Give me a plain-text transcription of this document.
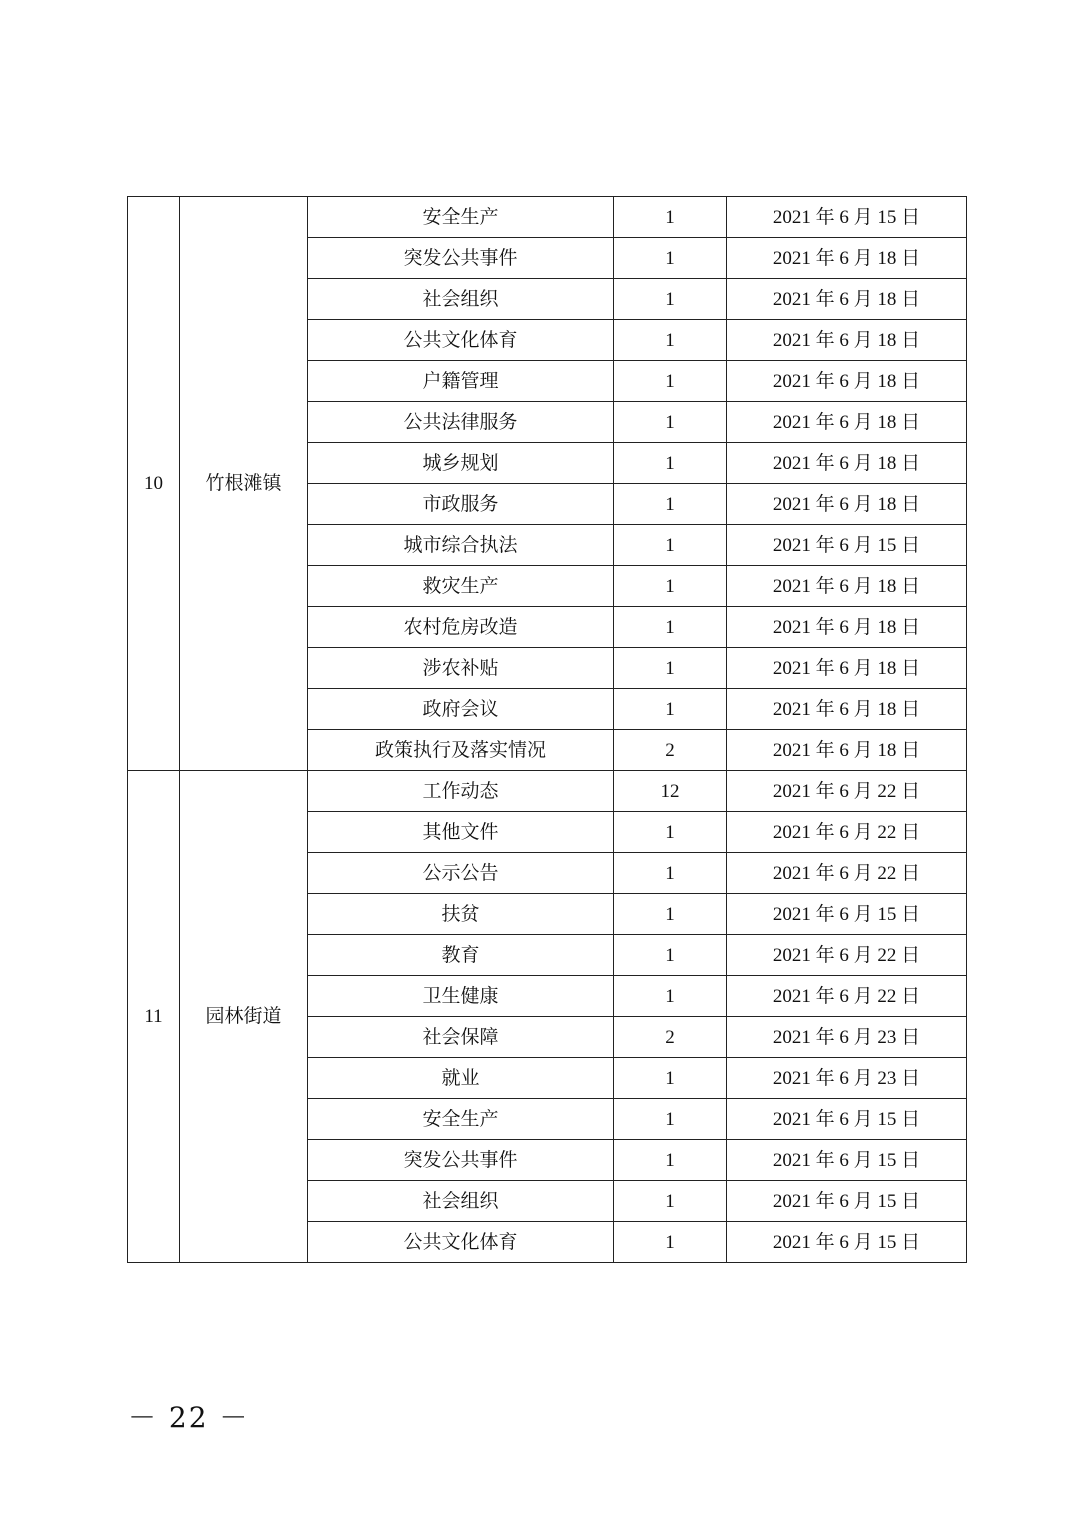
10	竹根滩镇	安全生产	1	2021 年 6 月 15 日
		突发公共事件	1	2021 年 6 月 18 日
		社会组织	1	2021 年 6 月 18 日
		公共文化体育	1	2021 年 6 月 18 日
		户籍管理	1	2021 年 6 月 18 日
		公共法律服务	1	2021 年 6 月 18 日
		城乡规划	1	2021 年 6 月 18 日
		市政服务	1	2021 年 6 月 18 日
		城市综合执法	1	2021 年 6 月 15 日
		救灾生产	1	2021 年 6 月 18 日
		农村危房改造	1	2021 年 6 月 18 日
		涉农补贴	1	2021 年 6 月 18 日
		政府会议	1	2021 年 6 月 18 日
		政策执行及落实情况	2	2021 年 6 月 18 日
11	园林街道	工作动态	12	2021 年 6 月 22 日
		其他文件	1	2021 年 6 月 22 日
		公示公告	1	2021 年 6 月 22 日
		扶贫	1	2021 年 6 月 15 日
		教育	1	2021 年 6 月 22 日
		卫生健康	1	2021 年 6 月 22 日
		社会保障	2	2021 年 6 月 23 日
		就业	1	2021 年 6 月 23 日
		安全生产	1	2021 年 6 月 15 日
		突发公共事件	1	2021 年 6 月 15 日
		社会组织	1	2021 年 6 月 15 日
		公共文化体育	1	2021 年 6 月 15 日
－ 22 －
